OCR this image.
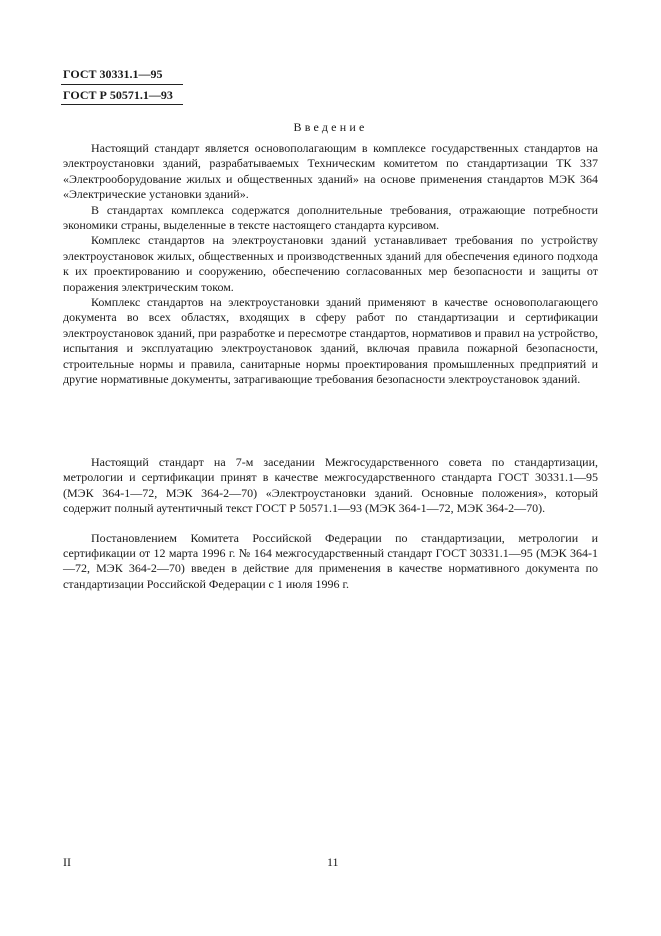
ГОСТ 30331.1—95
ГОСТ Р 50571.1—93
Введение

Настоящий стандарт является основополагающим в комплексе государственных стандартов на электроустановки зданий, разрабатываемых Техническим комитетом по стандартизации ТК 337 «Электрооборудование жилых и общественных зданий» на основе применения стандартов МЭК 364 «Электрические установки зданий».

В стандартах комплекса содержатся дополнительные требования, отражающие потребности экономики страны, выделенные в тексте настоящего стандарта курсивом.

Комплекс стандартов на электроустановки зданий устанавливает требования по устройству электроустановок жилых, общественных и производственных зданий для обеспечения единого подхода к их проектированию и сооружению, обеспечению согласованных мер безопасности и защиты от поражения электрическим током.

Комплекс стандартов на электроустановки зданий применяют в качестве основополагающего документа во всех областях, входящих в сферу работ по стандартизации и сертификации электроустановок зданий, при разработке и пересмотре стандартов, нормативов и правил на устройство, испытания и эксплуатацию электроустановок зданий, включая правила пожарной безопасности, строительные нормы и правила, санитарные нормы проектирования промышленных предприятий и другие нормативные документы, затрагивающие требования безопасности электроустановок зданий.

Настоящий стандарт на 7-м заседании Межгосударственного совета по стандартизации, метрологии и сертификации принят в качестве межгосударственного стандарта ГОСТ 30331.1—95 (МЭК 364-1—72, МЭК 364-2—70) «Электроустановки зданий. Основные положения», который содержит полный аутентичный текст ГОСТ Р 50571.1—93 (МЭК 364-1—72, МЭК 364-2—70).

Постановлением Комитета Российской Федерации по стандартизации, метрологии и сертификации от 12 марта 1996 г. № 164 межгосударственный стандарт ГОСТ 30331.1—95 (МЭК 364-1—72, МЭК 364-2—70) введен в действие для применения в качестве нормативного документа по стандартизации Российской Федерации с 1 июля 1996 г.

II	11
